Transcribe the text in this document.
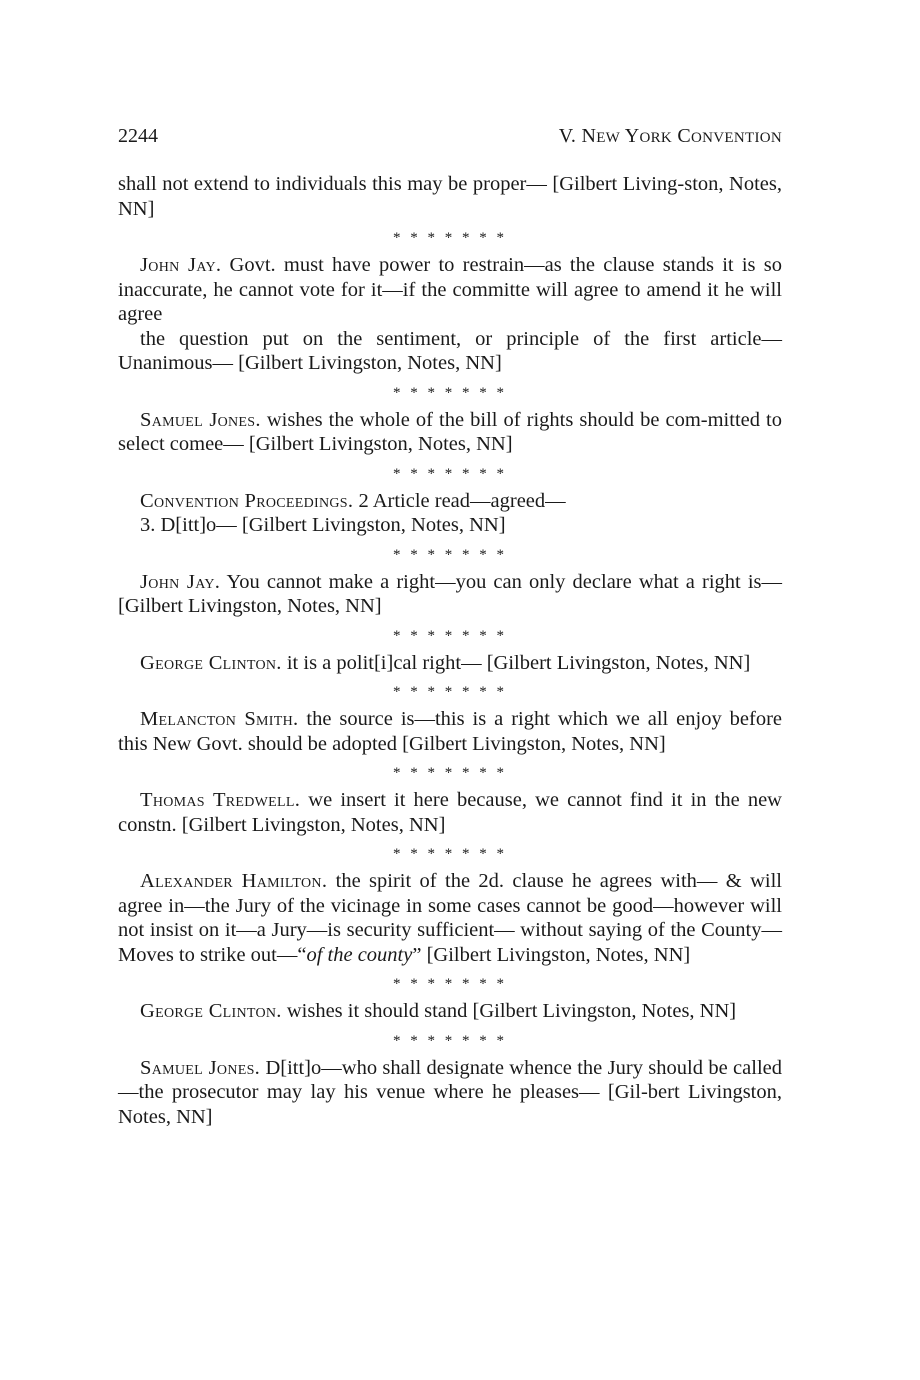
2244	V. NEW YORK CONVENTION

shall not extend to individuals this may be proper— [Gilbert Living-ston, Notes, NN]

* * * * * * *

John Jay. Govt. must have power to restrain—as the clause stands it is so inaccurate, he cannot vote for it—if the committe will agree to amend it he will agree

the question put on the sentiment, or principle of the first article— Unanimous— [Gilbert Livingston, Notes, NN]

* * * * * * *

Samuel Jones. wishes the whole of the bill of rights should be com-mitted to select comee— [Gilbert Livingston, Notes, NN]

* * * * * * *

Convention Proceedings. 2 Article read—agreed—

3. D[itt]o— [Gilbert Livingston, Notes, NN]

* * * * * * *

John Jay. You cannot make a right—you can only declare what a right is— [Gilbert Livingston, Notes, NN]

* * * * * * *

George Clinton. it is a polit[i]cal right— [Gilbert Livingston, Notes, NN]

* * * * * * *

Melancton Smith. the source is—this is a right which we all enjoy before this New Govt. should be adopted [Gilbert Livingston, Notes, NN]

* * * * * * *

Thomas Tredwell. we insert it here because, we cannot find it in the new constn. [Gilbert Livingston, Notes, NN]

* * * * * * *

Alexander Hamilton. the spirit of the 2d. clause he agrees with— & will agree in—the Jury of the vicinage in some cases cannot be good—however will not insist on it—a Jury—is security sufficient— without saying of the County—Moves to strike out—“of the county” [Gilbert Livingston, Notes, NN]

* * * * * * *

George Clinton. wishes it should stand [Gilbert Livingston, Notes, NN]

* * * * * * *

Samuel Jones. D[itt]o—who shall designate whence the Jury should be called—the prosecutor may lay his venue where he pleases— [Gil-bert Livingston, Notes, NN]
